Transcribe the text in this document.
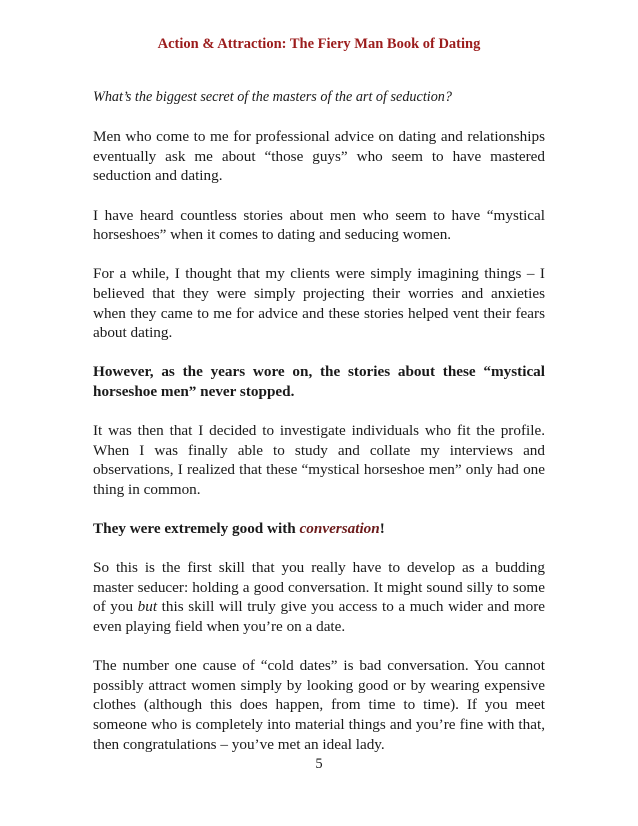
Action & Attraction: The Fiery Man Book of Dating

What’s the biggest secret of the masters of the art of seduction?

Men who come to me for professional advice on dating and relationships eventually ask me about “those guys” who seem to have mastered seduction and dating.

I have heard countless stories about men who seem to have “mystical horseshoes” when it comes to dating and seducing women.

For a while, I thought that my clients were simply imagining things – I believed that they were simply projecting their worries and anxieties when they came to me for advice and these stories helped vent their fears about dating.

However, as the years wore on, the stories about these “mystical horseshoe men” never stopped.

It was then that I decided to investigate individuals who fit the profile. When I was finally able to study and collate my interviews and observations, I realized that these “mystical horseshoe men” only had one thing in common.

They were extremely good with conversation!

So this is the first skill that you really have to develop as a budding master seducer: holding a good conversation. It might sound silly to some of you but this skill will truly give you access to a much wider and more even playing field when you’re on a date.

The number one cause of “cold dates” is bad conversation. You cannot possibly attract women simply by looking good or by wearing expensive clothes (although this does happen, from time to time). If you meet someone who is completely into material things and you’re fine with that, then congratulations – you’ve met an ideal lady.

5
